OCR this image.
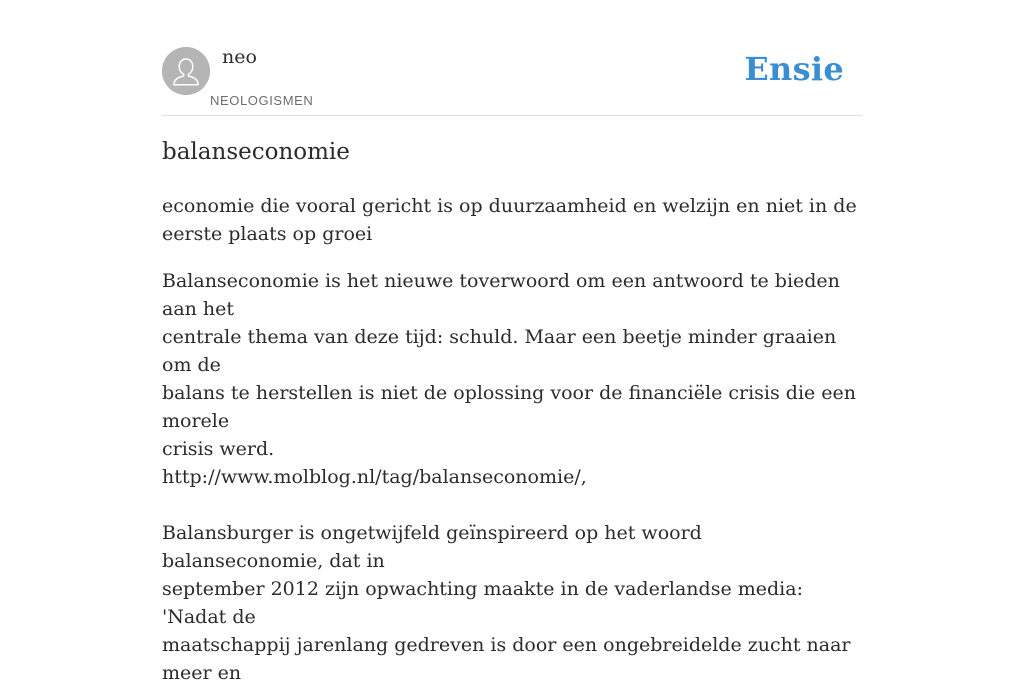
neo
NEOLOGISMEN
Ensie
balanseconomie

economie die vooral gericht is op duurzaamheid en welzijn en niet in de eerste plaats op groei

Balanseconomie is het nieuwe toverwoord om een antwoord te bieden aan het
centrale thema van deze tijd: schuld. Maar een beetje minder graaien om de
balans te herstellen is niet de oplossing voor de financiële crisis die een morele
crisis werd.
http://www.molblog.nl/tag/balanseconomie/,
Balansburger is ongetwijfeld geïnspireerd op het woord balanseconomie, dat in
september 2012 zijn opwachting maakte in de vaderlandse media: 'Nadat de
maatschappij jarenlang gedreven is door een ongebreidelde zucht naar meer en
